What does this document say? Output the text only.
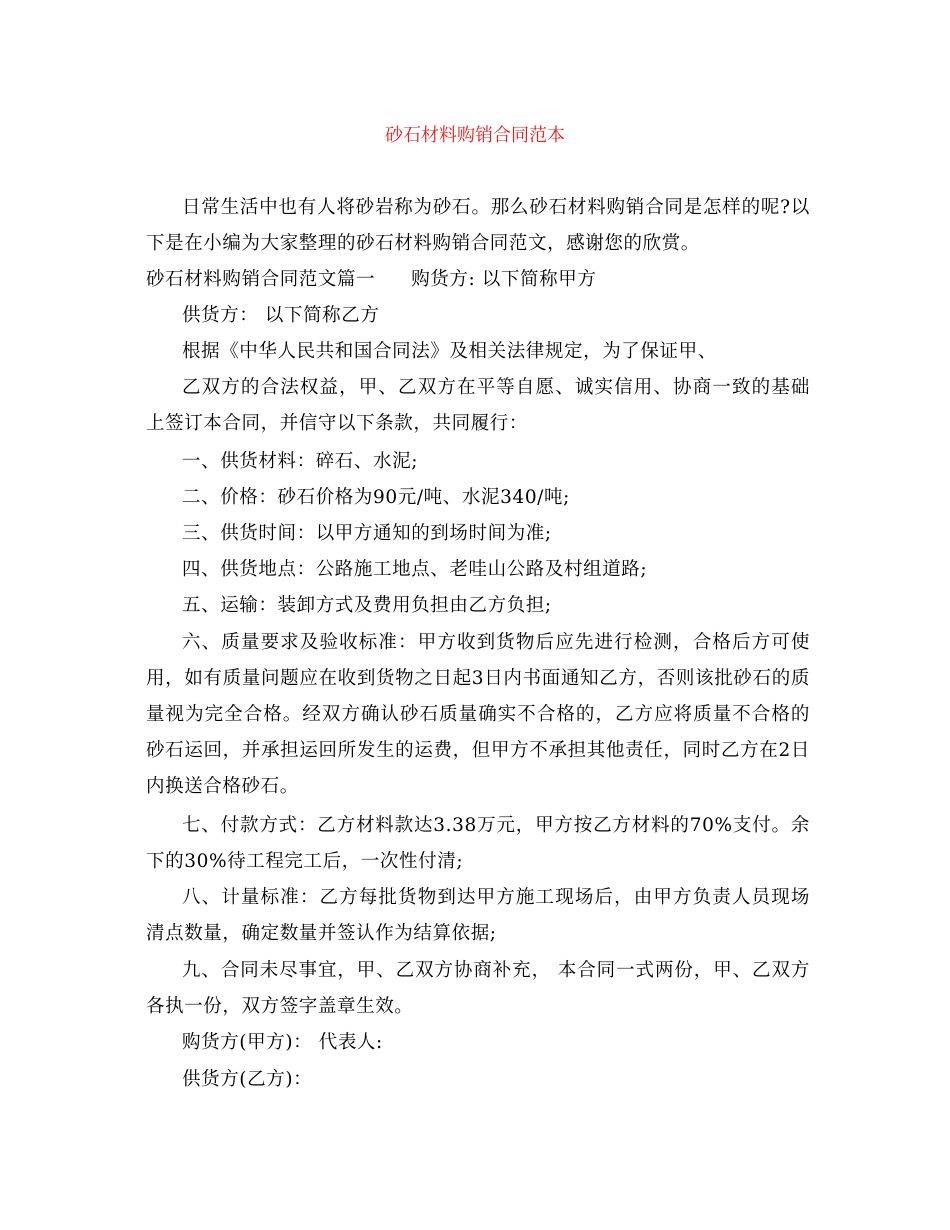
砂石材料购销合同范本

日常生活中也有人将砂岩称为砂石。那么砂石材料购销合同是怎样的呢?以下是在小编为大家整理的砂石材料购销合同范文，感谢您的欣赏。

砂石材料购销合同范文篇一 购货方: 以下简称甲方

供货方： 以下简称乙方

根据《中华人民共和国合同法》及相关法律规定，为了保证甲、

乙双方的合法权益，甲、乙双方在平等自愿、诚实信用、协商一致的基础上签订本合同，并信守以下条款，共同履行：

一、供货材料：碎石、水泥;

二、价格：砂石价格为90元/吨、水泥340/吨;

三、供货时间：以甲方通知的到场时间为准;

四、供货地点：公路施工地点、老哇山公路及村组道路;

五、运输：装卸方式及费用负担由乙方负担;

六、质量要求及验收标准：甲方收到货物后应先进行检测，合格后方可使用，如有质量问题应在收到货物之日起3日内书面通知乙方，否则该批砂石的质量视为完全合格。经双方确认砂石质量确实不合格的，乙方应将质量不合格的砂石运回，并承担运回所发生的运费，但甲方不承担其他责任，同时乙方在2日内换送合格砂石。

七、付款方式：乙方材料款达3.38万元，甲方按乙方材料的70%支付。余下的30%待工程完工后，一次性付清;

八、计量标准：乙方每批货物到达甲方施工现场后，由甲方负责人员现场清点数量，确定数量并签认作为结算依据;

九、合同未尽事宜，甲、乙双方协商补充， 本合同一式两份，甲、乙双方各执一份，双方签字盖章生效。

购货方(甲方)： 代表人:

供货方(乙方)：
